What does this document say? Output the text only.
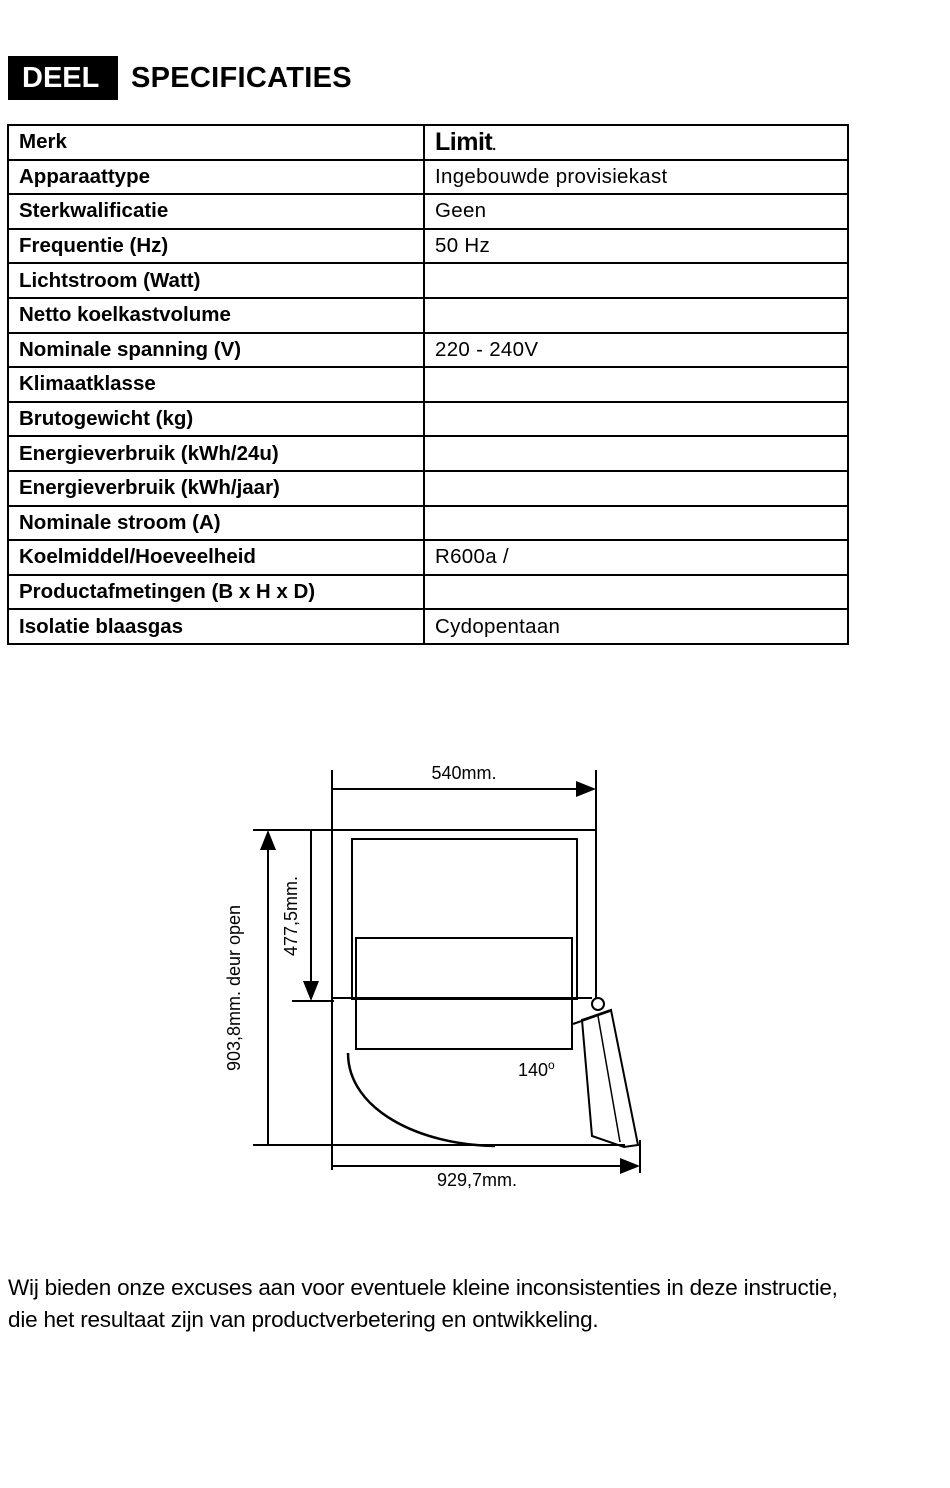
DEEL 7
SPECIFICATIES
Merk	Limit.
Apparaattype	Ingebouwde provisiekast
Sterkwalificatie	Geen
Frequentie (Hz)	50 Hz
Lichtstroom (Watt)	
Netto koelkastvolume	
Nominale spanning (V)	220 - 240V
Klimaatklasse	
Brutogewicht (kg)	
Energieverbruik (kWh/24u)	
Energieverbruik (kWh/jaar)	
Nominale stroom (A)	
Koelmiddel/Hoeveelheid	R600a /
Productafmetingen (B x H x D)	
Isolatie blaasgas	Cydopentaan
540mm.
477,5mm.
903,8mm. deur open	140$^o$
929,7mm.

Wij bieden onze excuses aan voor eventuele kleine inconsistenties in deze instructie,

die het resultaat zijn van productverbetering en ontwikkeling.
